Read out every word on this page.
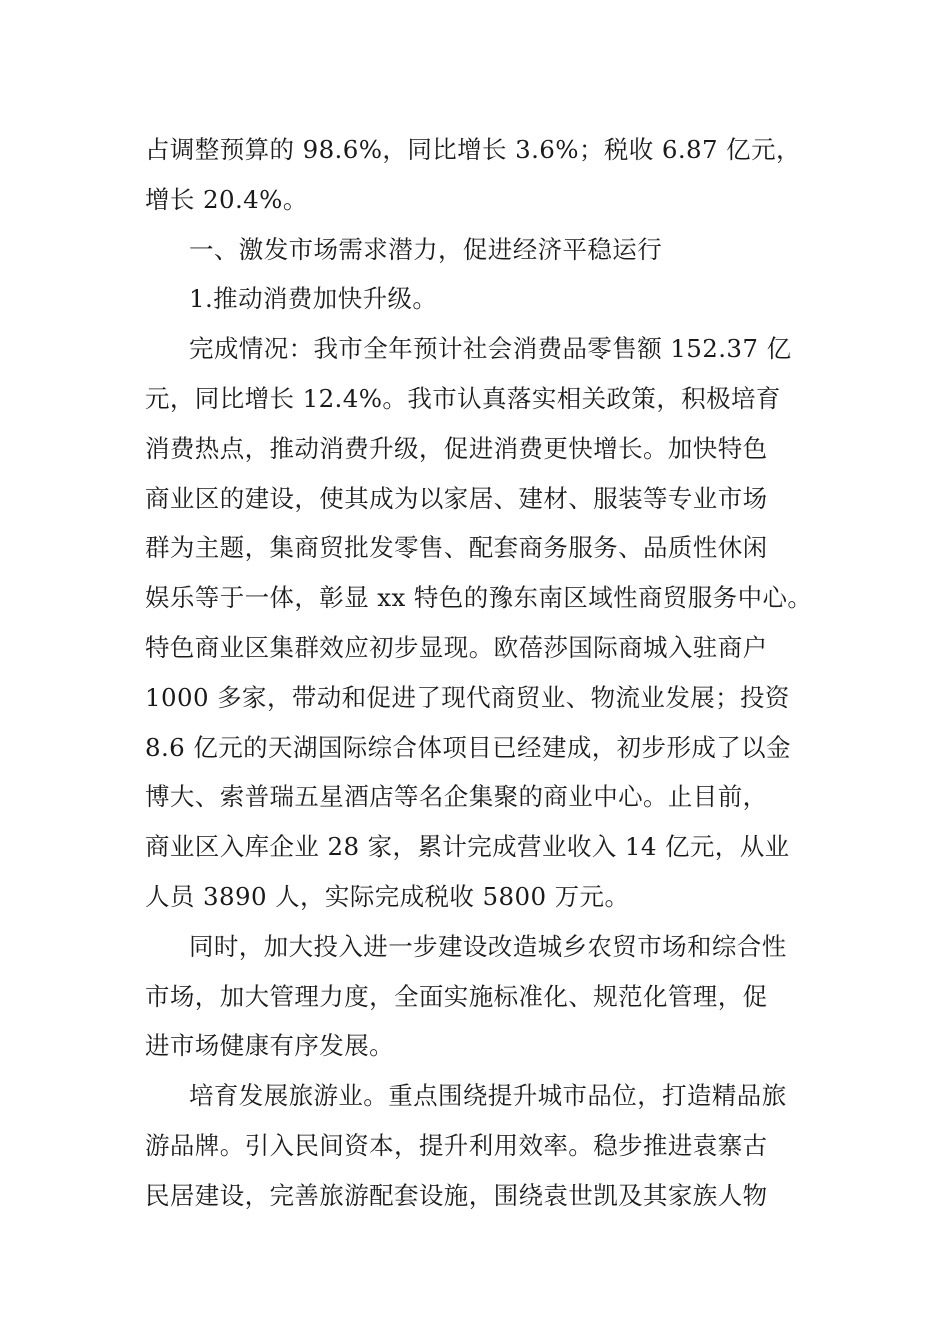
占调整预算的 98.6%，同比增长 3.6%；税收 6.87 亿元，
增长 20.4%。
一、激发市场需求潜力，促进经济平稳运行
1.推动消费加快升级。
完成情况：我市全年预计社会消费品零售额 152.37 亿
元，同比增长 12.4%。我市认真落实相关政策，积极培育
消费热点，推动消费升级，促进消费更快增长。加快特色
商业区的建设，使其成为以家居、建材、服装等专业市场
群为主题，集商贸批发零售、配套商务服务、品质性休闲
娱乐等于一体，彰显 xx 特色的豫东南区域性商贸服务中心。
特色商业区集群效应初步显现。欧蓓莎国际商城入驻商户
1000 多家，带动和促进了现代商贸业、物流业发展；投资
8.6 亿元的天湖国际综合体项目已经建成，初步形成了以金
博大、索普瑞五星酒店等名企集聚的商业中心。止目前，
商业区入库企业 28 家，累计完成营业收入 14 亿元，从业
人员 3890 人，实际完成税收 5800 万元。
同时，加大投入进一步建设改造城乡农贸市场和综合性
市场，加大管理力度，全面实施标准化、规范化管理，促
进市场健康有序发展。
培育发展旅游业。重点围绕提升城市品位，打造精品旅
游品牌。引入民间资本，提升利用效率。稳步推进袁寨古
民居建设，完善旅游配套设施，围绕袁世凯及其家族人物
